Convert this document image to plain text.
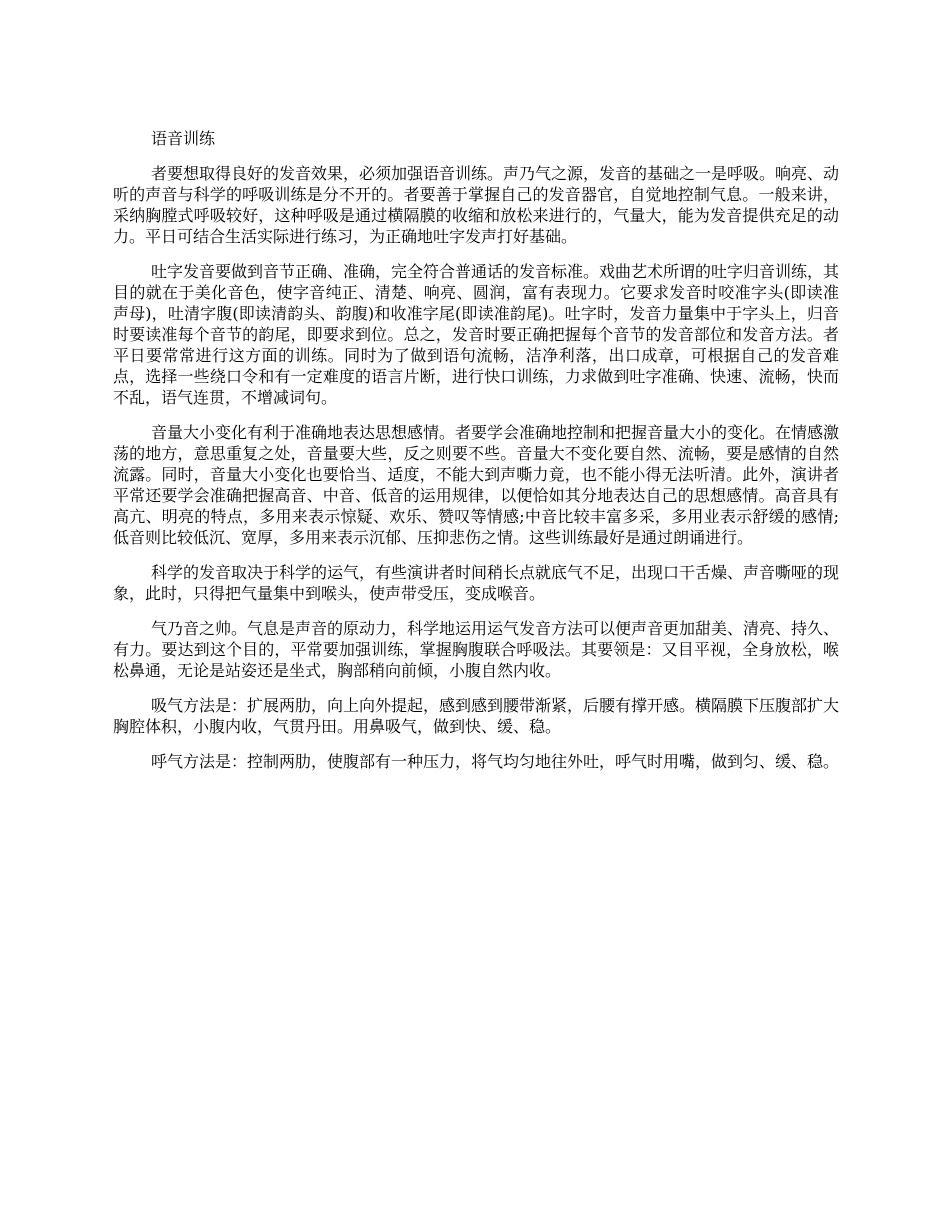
语音训练

者要想取得良好的发音效果，必须加强语音训练。声乃气之源，发音的基础之一是呼吸。响亮、动听的声音与科学的呼吸训练是分不开的。者要善于掌握自己的发音器官，自觉地控制气息。一般来讲，采纳胸膛式呼吸较好，这种呼吸是通过横隔膜的收缩和放松来进行的，气量大，能为发音提供充足的动力。平日可结合生活实际进行练习，为正确地吐字发声打好基础。

吐字发音要做到音节正确、准确，完全符合普通话的发音标准。戏曲艺术所谓的吐字归音训练，其目的就在于美化音色，使字音纯正、清楚、响亮、圆润，富有表现力。它要求发音时咬准字头(即读准声母)，吐清字腹(即读清韵头、韵腹)和收准字尾(即读准韵尾)。吐字时，发音力量集中于字头上，归音 时要读准每个音节的韵尾，即要求到位。总之，发音时要正确把握每个音节的发音部位和发音方法。者平日要常常进行这方面的训练。同时为了做到语句流畅，洁净利落，出口成章，可根据自己的发音难点，选择一些绕口令和有一定难度的语言片断，进行快口训练，力求做到吐字准确、快速、流畅，快而不乱，语气连贯，不增减词句。

音量大小变化有利于准确地表达思想感情。者要学会准确地控制和把握音量大小的变化。在情感激荡的地方，意思重复之处，音量要大些，反之则要不些。音量大不变化要自然、流畅，要是感情的自然流露。同时，音量大小变化也要恰当、适度，不能大到声嘶力竟，也不能小得无法听清。此外，演讲者平常还要学会准确把握高音、中音、低音的运用规律，以便恰如其分地表达自己的思想感情。高音具有高亢、明亮的特点，多用来表示惊疑、欢乐、赞叹等情感;中音比较丰富多采，多用业表示舒缓的感情;低音则比较低沉、宽厚，多用来表示沉郁、压抑悲伤之情。这些训练最好是通过朗诵进行。

科学的发音取决于科学的运气，有些演讲者时间稍长点就底气不足，出现口干舌燥、声音嘶哑的现象，此时，只得把气量集中到喉头，使声带受压，变成喉音。

气乃音之帅。气息是声音的原动力，科学地运用运气发音方法可以便声音更加甜美、清亮、持久、有力。要达到这个目的，平常要加强训练，掌握胸腹联合呼吸法。其要领是：又目平视，全身放松，喉松鼻通，无论是站姿还是坐式，胸部稍向前倾，小腹自然内收。

吸气方法是：扩展两肋，向上向外提起，感到感到腰带渐紧，后腰有撑开感。横隔膜下压腹部扩大胸腔体积，小腹内收，气贯丹田。用鼻吸气，做到快、缓、稳。

呼气方法是：控制两肋，使腹部有一种压力，将气均匀地往外吐，呼气时用嘴，做到匀、缓、稳。
